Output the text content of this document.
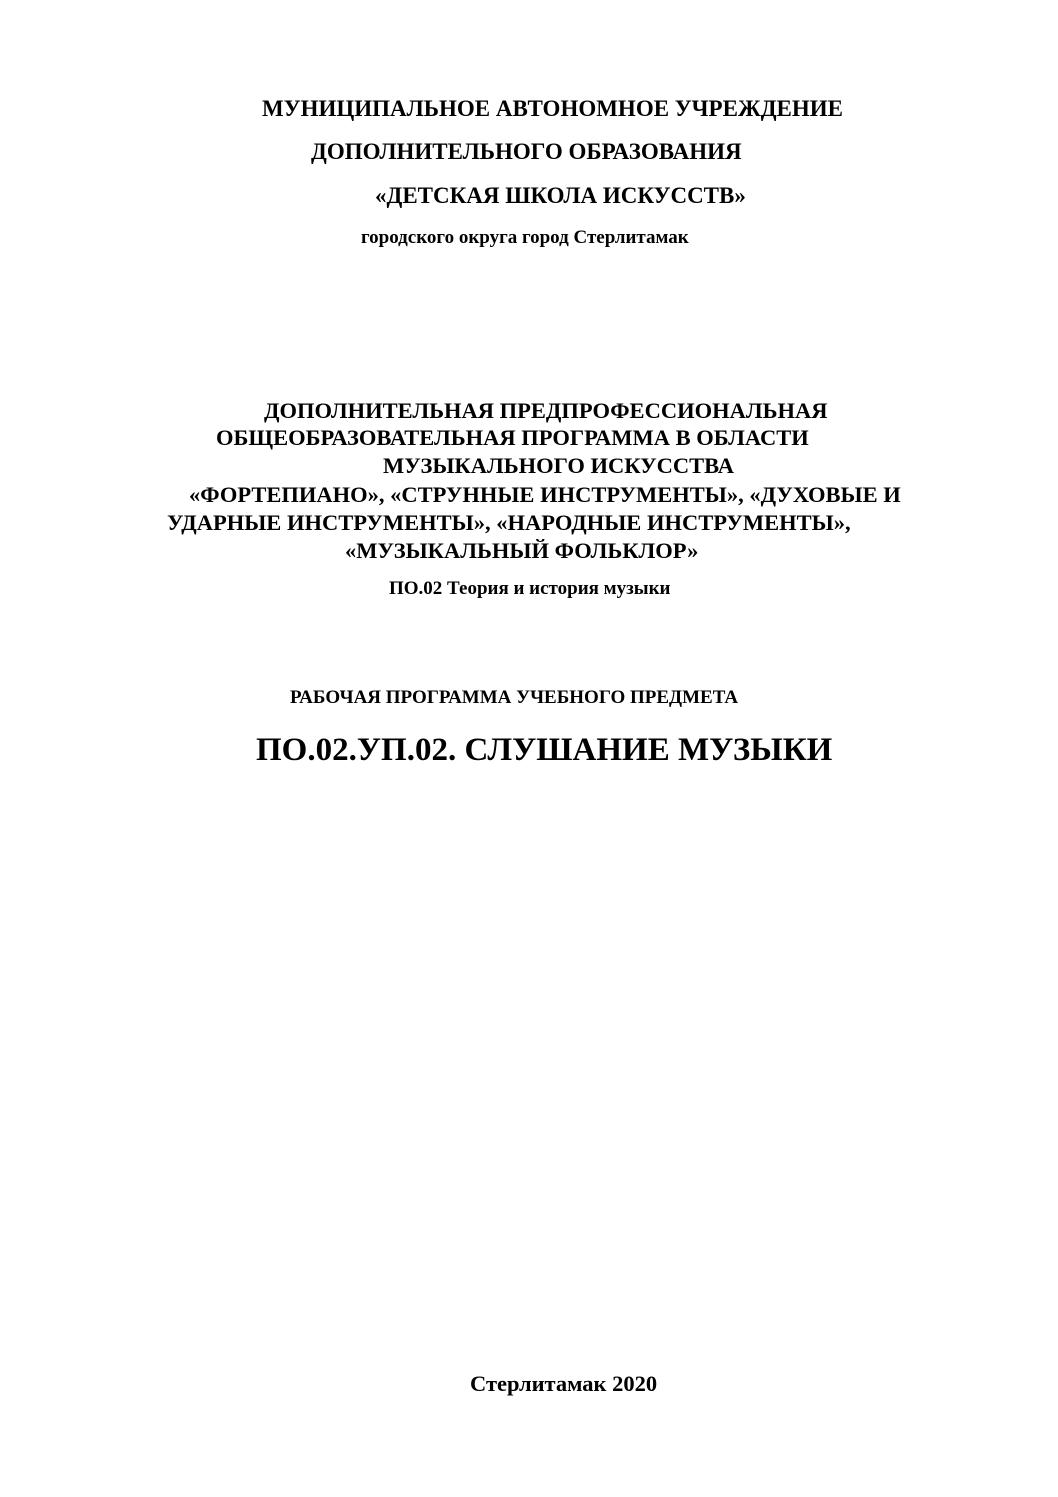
МУНИЦИПАЛЬНОЕ АВТОНОМНОЕ УЧРЕЖДЕНИЕ
ДОПОЛНИТЕЛЬНОГО ОБРАЗОВАНИЯ
«ДЕТСКАЯ ШКОЛА ИСКУССТВ»
городского округа город Стерлитамак
ДОПОЛНИТЕЛЬНАЯ ПРЕДПРОФЕССИОНАЛЬНАЯ
ОБЩЕОБРАЗОВАТЕЛЬНАЯ ПРОГРАММА В ОБЛАСТИ
МУЗЫКАЛЬНОГО ИСКУССТВА
«ФОРТЕПИАНО», «СТРУННЫЕ ИНСТРУМЕНТЫ», «ДУХОВЫЕ И
УДАРНЫЕ ИНСТРУМЕНТЫ», «НАРОДНЫЕ ИНСТРУМЕНТЫ»,
«МУЗЫКАЛЬНЫЙ ФОЛЬКЛОР»
ПО.02 Теория и история музыки
РАБОЧАЯ ПРОГРАММА УЧЕБНОГО ПРЕДМЕТА
ПО.02.УП.02. СЛУШАНИЕ МУЗЫКИ
Стерлитамак 2020
